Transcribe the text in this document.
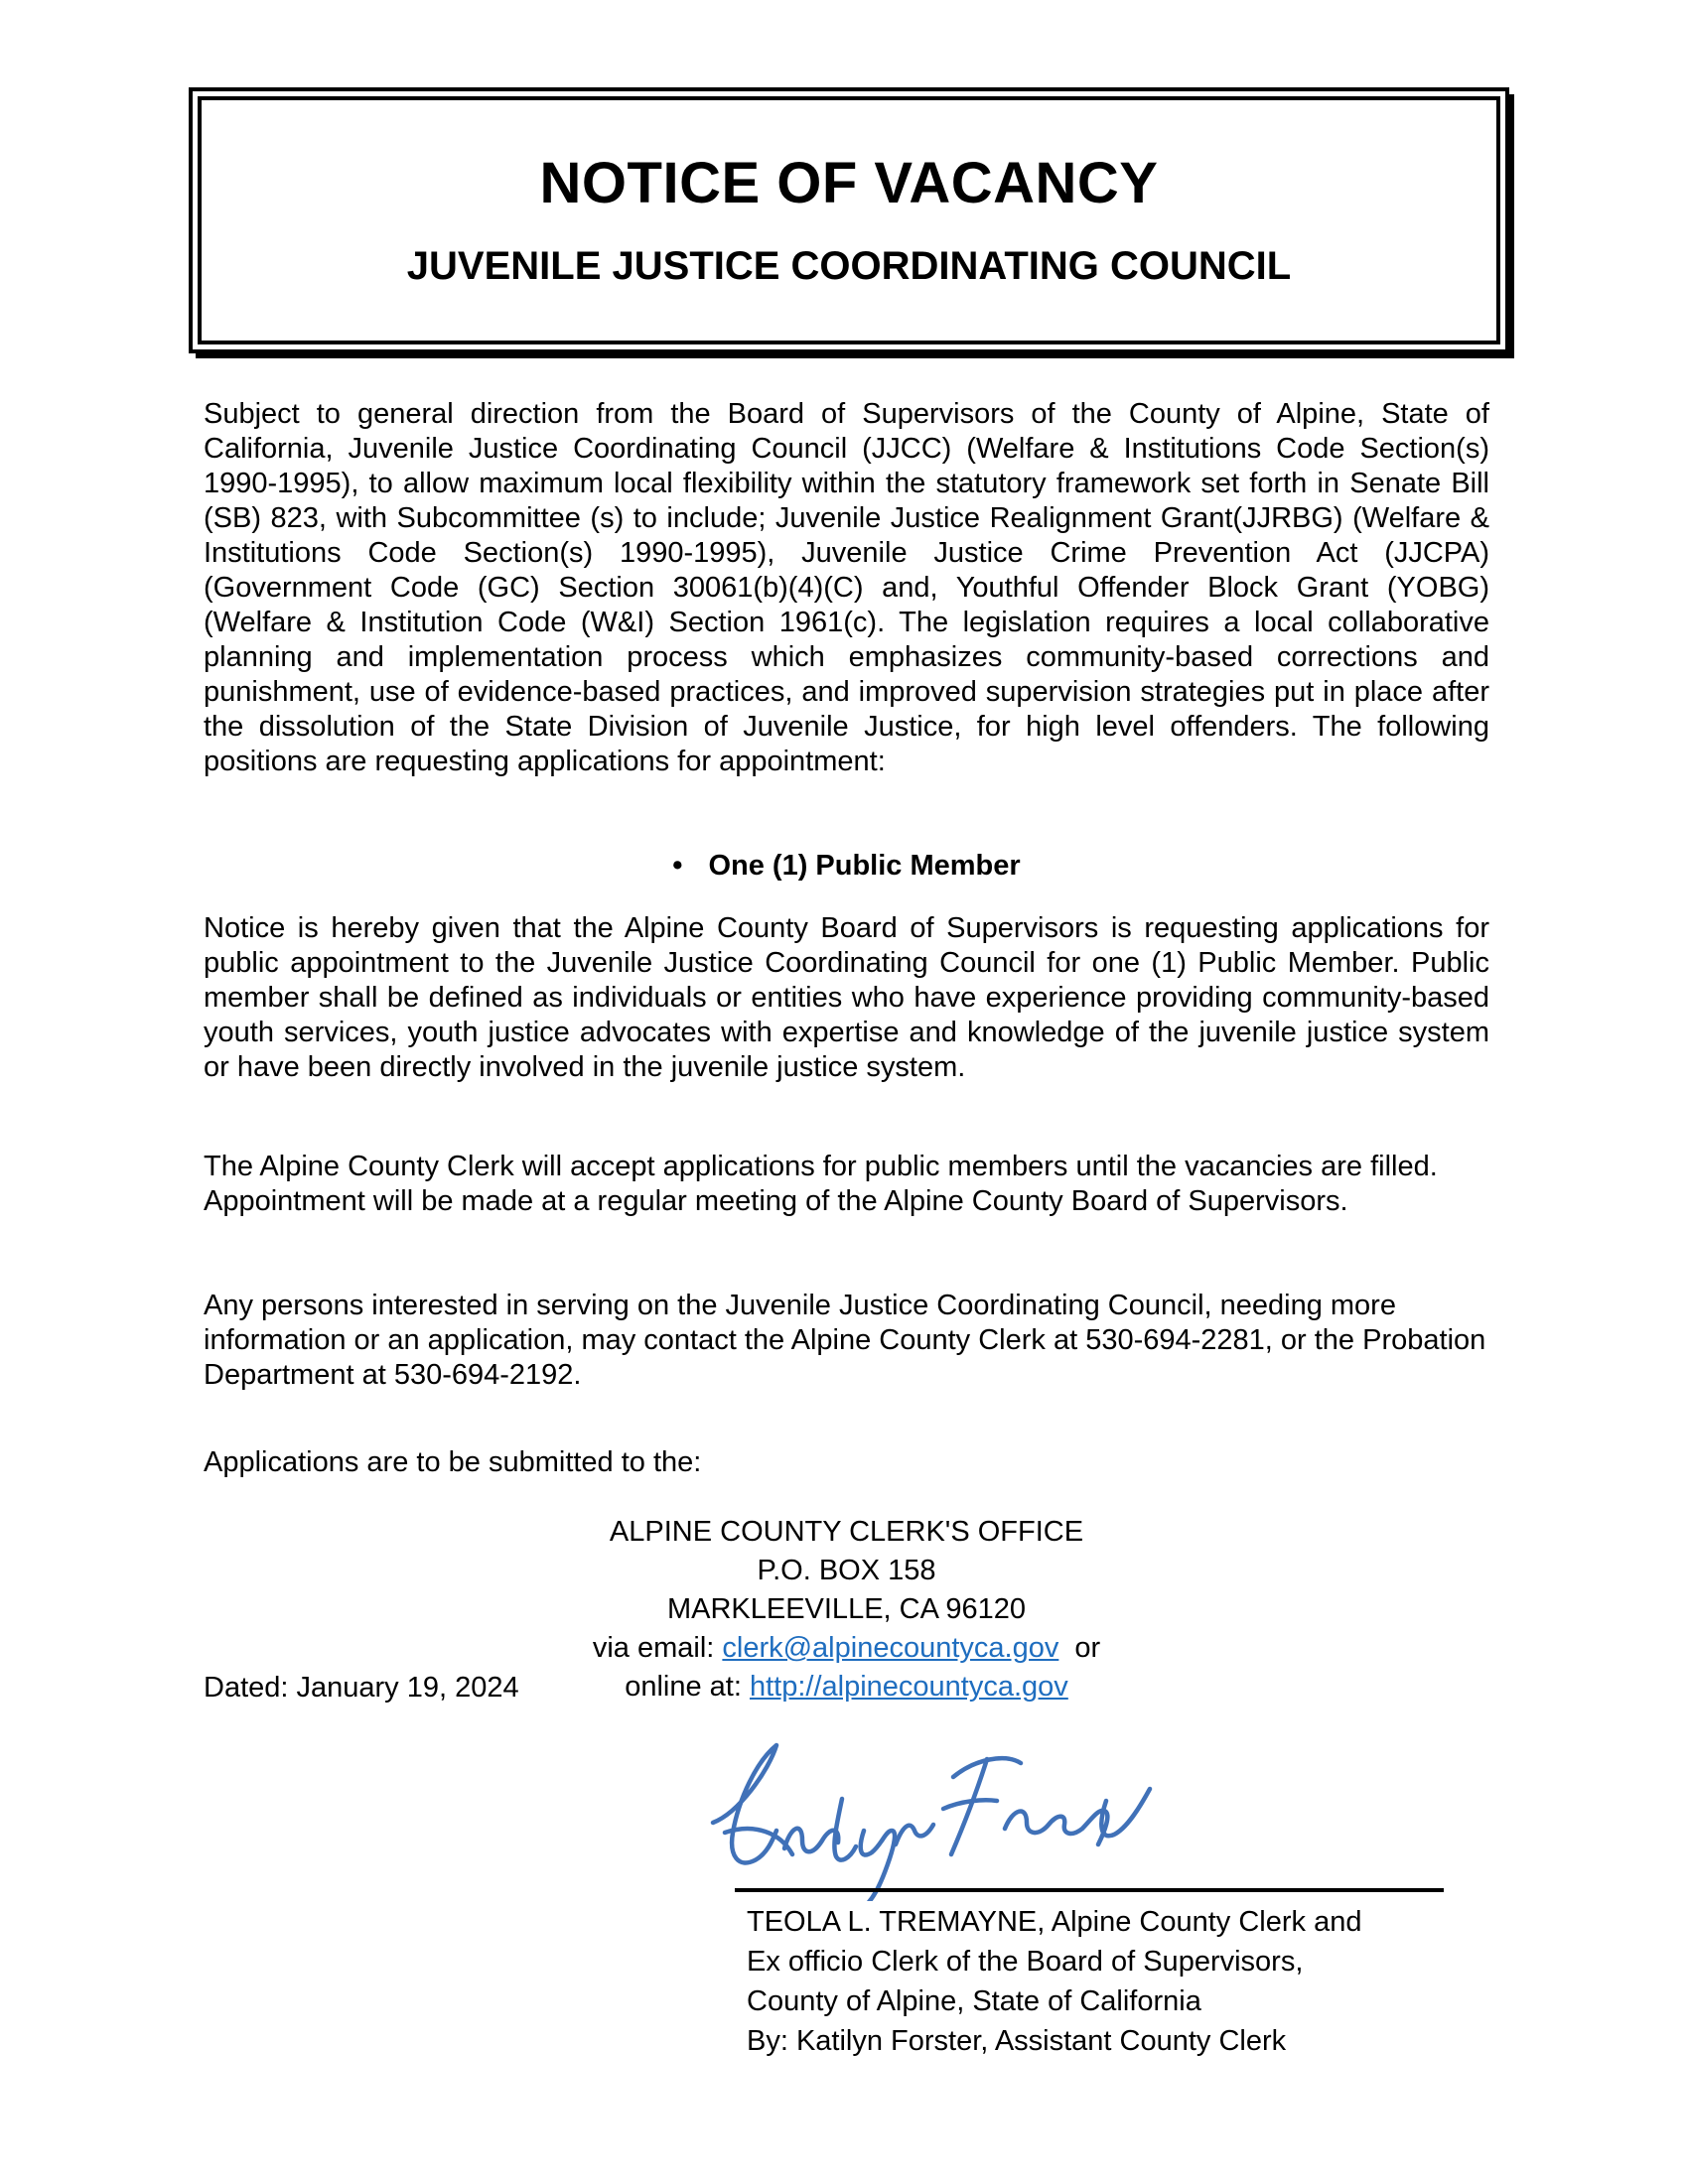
NOTICE OF VACANCY
JUVENILE JUSTICE COORDINATING COUNCIL
Subject to general direction from the Board of Supervisors of the County of Alpine, State of California, Juvenile Justice Coordinating Council (JJCC) (Welfare & Institutions Code Section(s) 1990-1995), to allow maximum local flexibility within the statutory framework set forth in Senate Bill (SB) 823, with Subcommittee (s) to include; Juvenile Justice Realignment Grant(JJRBG) (Welfare & Institutions Code Section(s) 1990-1995), Juvenile Justice Crime Prevention Act (JJCPA) (Government Code (GC) Section 30061(b)(4)(C) and, Youthful Offender Block Grant (YOBG) (Welfare & Institution Code (W&I) Section 1961(c). The legislation requires a local collaborative planning and implementation process which emphasizes community-based corrections and punishment, use of evidence-based practices, and improved supervision strategies put in place after the dissolution of the State Division of Juvenile Justice, for high level offenders. The following positions are requesting applications for appointment:
• One (1) Public Member
Notice is hereby given that the Alpine County Board of Supervisors is requesting applications for public appointment to the Juvenile Justice Coordinating Council for one (1) Public Member. Public member shall be defined as individuals or entities who have experience providing community-based youth services, youth justice advocates with expertise and knowledge of the juvenile justice system or have been directly involved in the juvenile justice system.
The Alpine County Clerk will accept applications for public members until the vacancies are filled. Appointment will be made at a regular meeting of the Alpine County Board of Supervisors.
Any persons interested in serving on the Juvenile Justice Coordinating Council, needing more information or an application, may contact the Alpine County Clerk at 530-694-2281, or the Probation Department at 530-694-2192.
Applications are to be submitted to the:
ALPINE COUNTY CLERK'S OFFICE
P.O. BOX 158
MARKLEEVILLE, CA 96120
via email: clerk@alpinecountyca.gov or
online at: http://alpinecountyca.gov
Dated: January 19, 2024
TEOLA L. TREMAYNE, Alpine County Clerk and
Ex officio Clerk of the Board of Supervisors,
County of Alpine, State of California
By: Katilyn Forster, Assistant County Clerk
